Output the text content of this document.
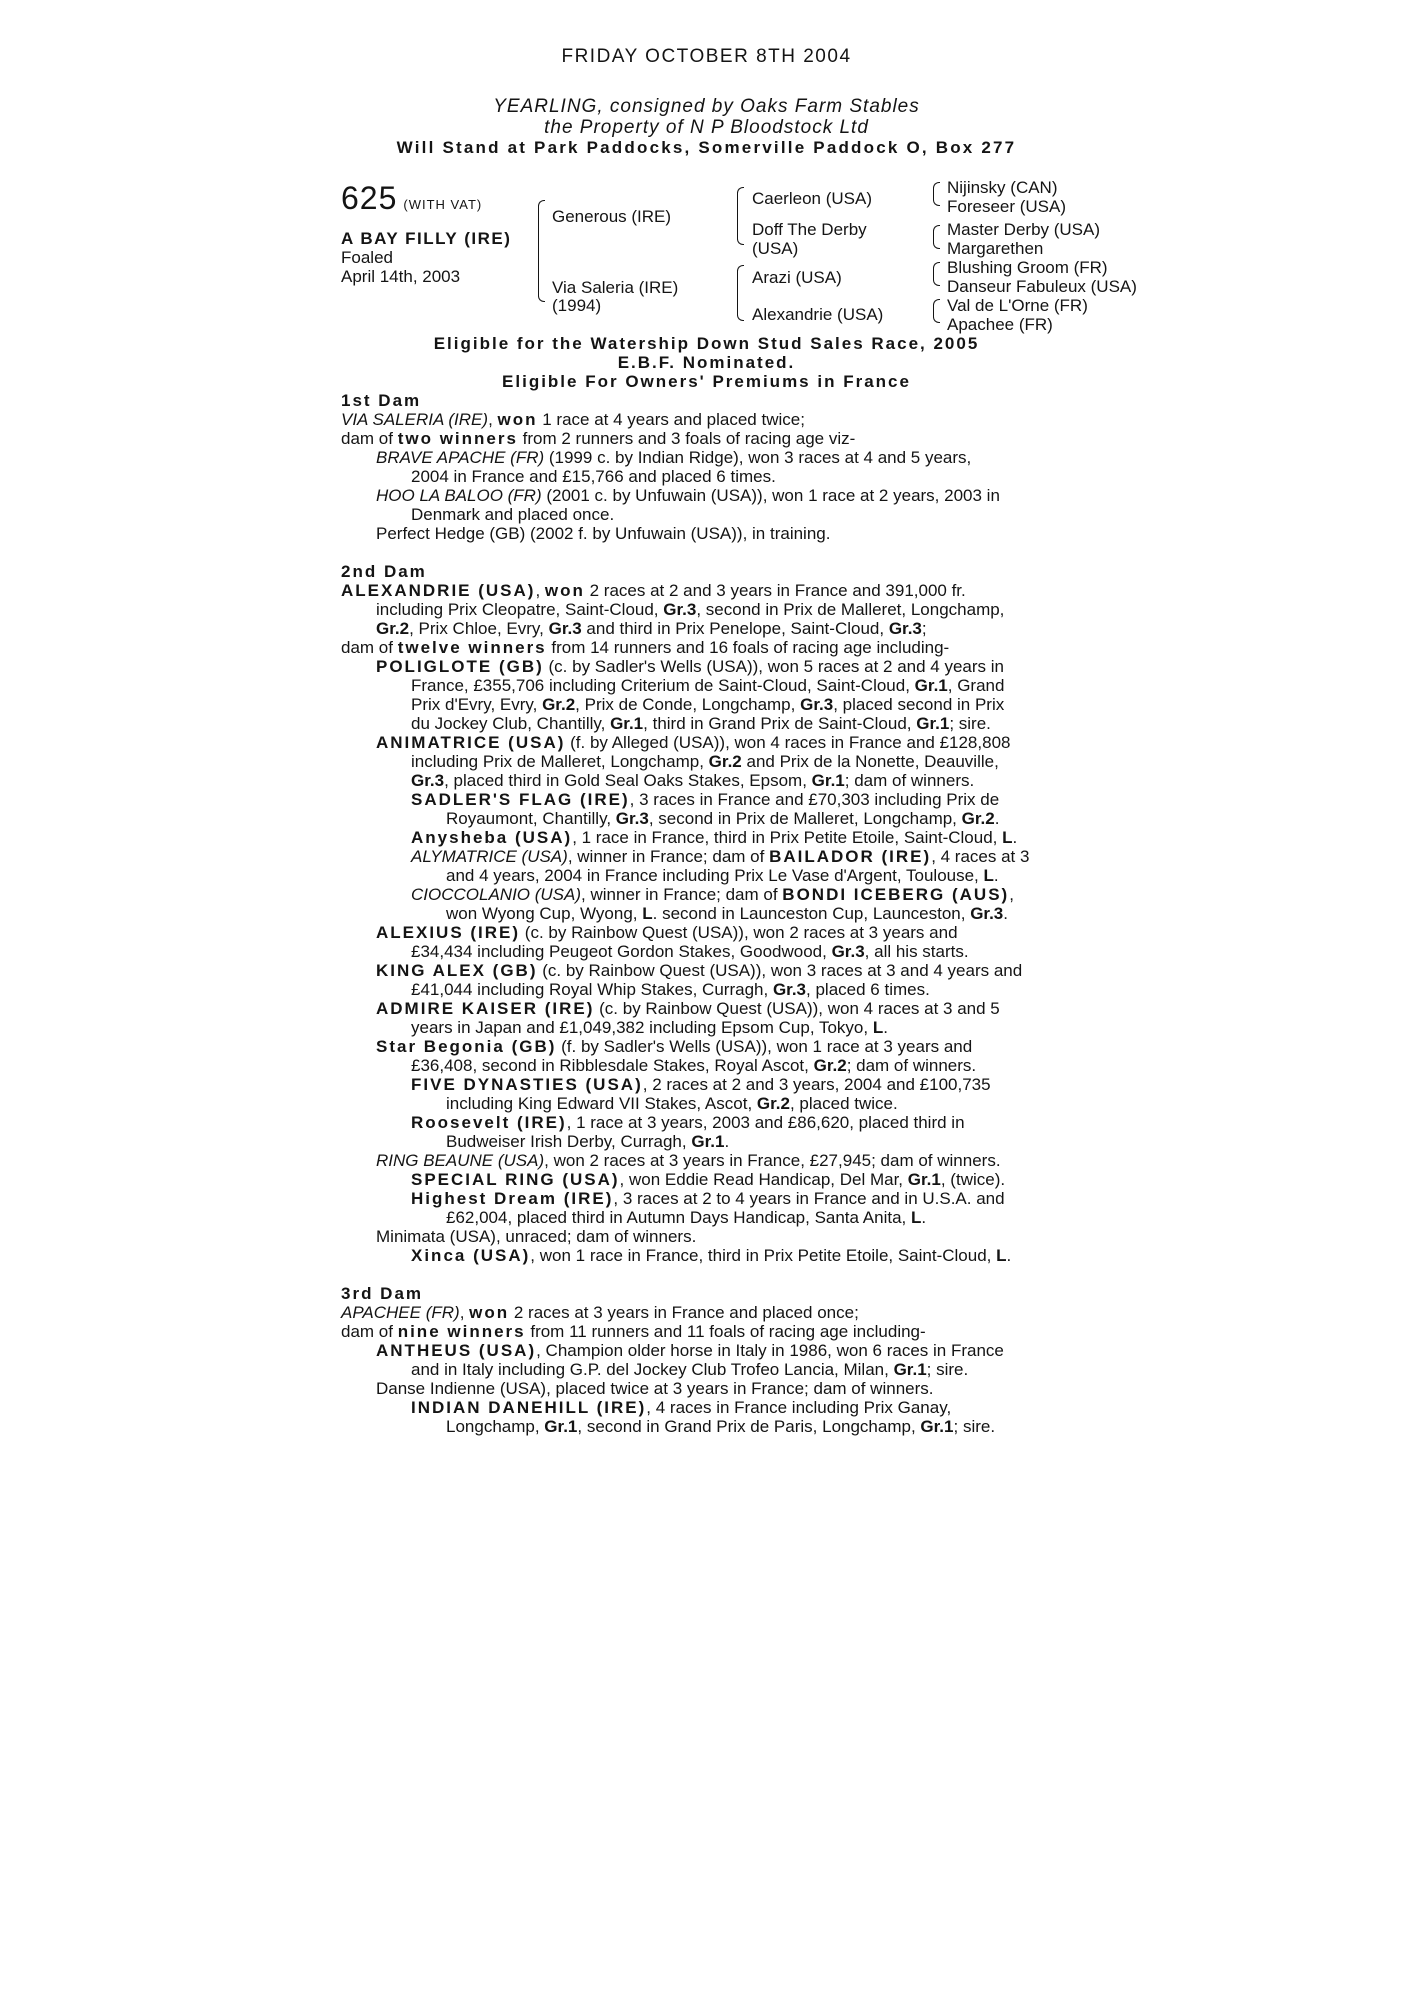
FRIDAY OCTOBER 8TH 2004
YEARLING, consigned by Oaks Farm Stables
the Property of N P Bloodstock Ltd
Will Stand at Park Paddocks, Somerville Paddock O, Box 277
625 (WITH VAT)
A BAY FILLY (IRE)
Foaled
April 14th, 2003
Generous (IRE)
Via Saleria (IRE)
(1994)
Caerleon (USA)
Doff The Derby
(USA)
Arazi (USA)
Alexandrie (USA)
Nijinsky (CAN)
Foreseer (USA)
Master Derby (USA)
Margarethen
Blushing Groom (FR)
Danseur Fabuleux (USA)
Val de L'Orne (FR)
Apachee (FR)
Eligible for the Watership Down Stud Sales Race, 2005
E.B.F. Nominated.
Eligible For Owners' Premiums in France
1st Dam
VIA SALERIA (IRE), won 1 race at 4 years and placed twice;
dam of two winners from 2 runners and 3 foals of racing age viz-
BRAVE APACHE (FR) (1999 c. by Indian Ridge), won 3 races at 4 and 5 years,
2004 in France and £15,766 and placed 6 times.
HOO LA BALOO (FR) (2001 c. by Unfuwain (USA)), won 1 race at 2 years, 2003 in
Denmark and placed once.
Perfect Hedge (GB) (2002 f. by Unfuwain (USA)), in training.
2nd Dam
ALEXANDRIE (USA), won 2 races at 2 and 3 years in France and 391,000 fr.
including Prix Cleopatre, Saint-Cloud, Gr.3, second in Prix de Malleret, Longchamp,
Gr.2, Prix Chloe, Evry, Gr.3 and third in Prix Penelope, Saint-Cloud, Gr.3;
dam of twelve winners from 14 runners and 16 foals of racing age including-
POLIGLOTE (GB) (c. by Sadler's Wells (USA)), won 5 races at 2 and 4 years in
France, £355,706 including Criterium de Saint-Cloud, Saint-Cloud, Gr.1, Grand
Prix d'Evry, Evry, Gr.2, Prix de Conde, Longchamp, Gr.3, placed second in Prix
du Jockey Club, Chantilly, Gr.1, third in Grand Prix de Saint-Cloud, Gr.1; sire.
ANIMATRICE (USA) (f. by Alleged (USA)), won 4 races in France and £128,808
including Prix de Malleret, Longchamp, Gr.2 and Prix de la Nonette, Deauville,
Gr.3, placed third in Gold Seal Oaks Stakes, Epsom, Gr.1; dam of winners.
SADLER'S FLAG (IRE), 3 races in France and £70,303 including Prix de
Royaumont, Chantilly, Gr.3, second in Prix de Malleret, Longchamp, Gr.2.
Anysheba (USA), 1 race in France, third in Prix Petite Etoile, Saint-Cloud, L.
ALYMATRICE (USA), winner in France; dam of BAILADOR (IRE), 4 races at 3
and 4 years, 2004 in France including Prix Le Vase d'Argent, Toulouse, L.
CIOCCOLANIO (USA), winner in France; dam of BONDI ICEBERG (AUS),
won Wyong Cup, Wyong, L. second in Launceston Cup, Launceston, Gr.3.
ALEXIUS (IRE) (c. by Rainbow Quest (USA)), won 2 races at 3 years and
£34,434 including Peugeot Gordon Stakes, Goodwood, Gr.3, all his starts.
KING ALEX (GB) (c. by Rainbow Quest (USA)), won 3 races at 3 and 4 years and
£41,044 including Royal Whip Stakes, Curragh, Gr.3, placed 6 times.
ADMIRE KAISER (IRE) (c. by Rainbow Quest (USA)), won 4 races at 3 and 5
years in Japan and £1,049,382 including Epsom Cup, Tokyo, L.
Star Begonia (GB) (f. by Sadler's Wells (USA)), won 1 race at 3 years and
£36,408, second in Ribblesdale Stakes, Royal Ascot, Gr.2; dam of winners.
FIVE DYNASTIES (USA), 2 races at 2 and 3 years, 2004 and £100,735
including King Edward VII Stakes, Ascot, Gr.2, placed twice.
Roosevelt (IRE), 1 race at 3 years, 2003 and £86,620, placed third in
Budweiser Irish Derby, Curragh, Gr.1.
RING BEAUNE (USA), won 2 races at 3 years in France, £27,945; dam of winners.
SPECIAL RING (USA), won Eddie Read Handicap, Del Mar, Gr.1, (twice).
Highest Dream (IRE), 3 races at 2 to 4 years in France and in U.S.A. and
£62,004, placed third in Autumn Days Handicap, Santa Anita, L.
Minimata (USA), unraced; dam of winners.
Xinca (USA), won 1 race in France, third in Prix Petite Etoile, Saint-Cloud, L.
3rd Dam
APACHEE (FR), won 2 races at 3 years in France and placed once;
dam of nine winners from 11 runners and 11 foals of racing age including-
ANTHEUS (USA), Champion older horse in Italy in 1986, won 6 races in France
and in Italy including G.P. del Jockey Club Trofeo Lancia, Milan, Gr.1; sire.
Danse Indienne (USA), placed twice at 3 years in France; dam of winners.
INDIAN DANEHILL (IRE), 4 races in France including Prix Ganay,
Longchamp, Gr.1, second in Grand Prix de Paris, Longchamp, Gr.1; sire.
